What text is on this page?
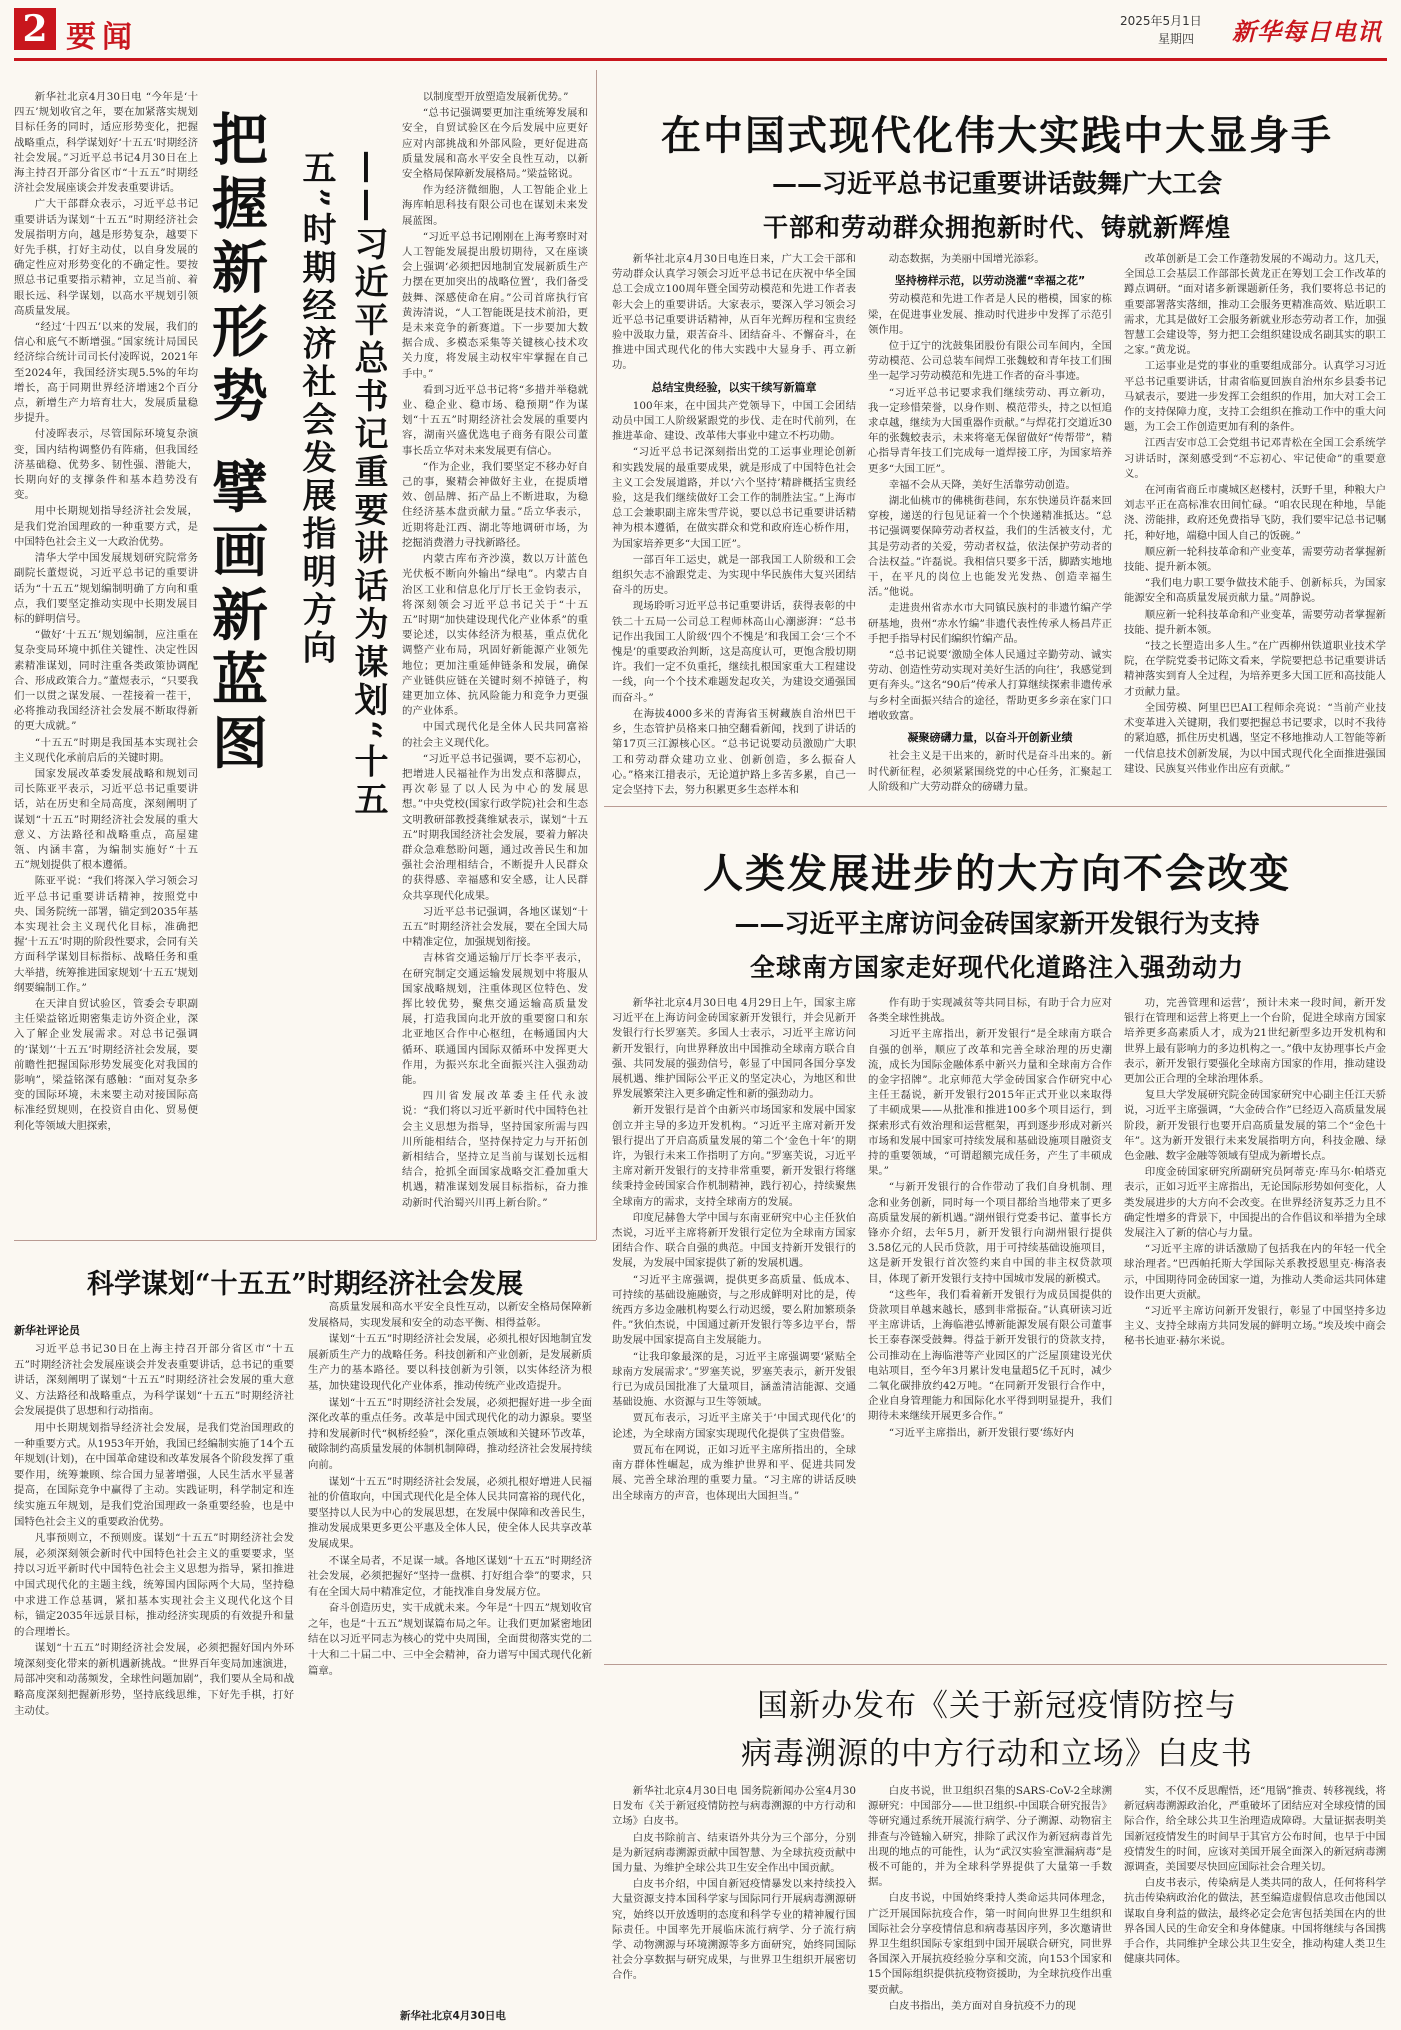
2 要闻	2025年5月1日
星期四 新华每日电讯

新华社北京4月30日电 “今年是‘十四五’规划收官之年，要在加紧落实规划目标任务的同时，适应形势变化，把握战略重点，科学谋划好‘十五五’时期经济社会发展。”习近平总书记4月30日在上海主持召开部分省区市“十五五”时期经济社会发展座谈会并发表重要讲话。

广大干部群众表示，习近平总书记重要讲话为谋划“十五五”时期经济社会发展指明方向，越是形势复杂，越要下好先手棋，打好主动仗，以自身发展的确定性应对形势变化的不确定性。要按照总书记重要指示精神，立足当前、着眼长远、科学谋划，以高水平规划引领高质量发展。

“经过‘十四五’以来的发展，我们的信心和底气不断增强。”国家统计局国民经济综合统计司司长付凌晖说，2021年至2024年，我国经济实现5.5%的年均增长，高于同期世界经济增速2个百分点，新增生产力培育壮大，发展质量稳步提升。

付凌晖表示，尽管国际环境复杂演变，国内结构调整仍有阵痛，但我国经济基础稳、优势多、韧性强、潜能大，长期向好的支撑条件和基本趋势没有变。

用中长期规划指导经济社会发展，是我们党治国理政的一种重要方式，是中国特色社会主义一大政治优势。

清华大学中国发展规划研究院常务副院长董煜说，习近平总书记的重要讲话为“十五五”规划编制明确了方向和重点，我们要坚定推动实现中长期发展目标的鲜明信号。

“做好‘十五五’规划编制，应注重在复杂变局环境中抓住关键性、决定性因素精准谋划，同时注重各类政策协调配合、形成政策合力。”董煜表示，“只要我们一以贯之谋发展、一茬接着一茬干，必将推动我国经济社会发展不断取得新的更大成就。”

“十五五”时期是我国基本实现社会主义现代化承前启后的关键时期。

国家发展改革委发展战略和规划司司长陈亚平表示，习近平总书记重要讲话，站在历史和全局高度，深刻阐明了谋划“十五五”时期经济社会发展的重大意义、方法路径和战略重点，高屋建瓴、内涵丰富，为编制实施好“十五五”规划提供了根本遵循。

陈亚平说：“我们将深入学习领会习近平总书记重要讲话精神，按照党中央、国务院统一部署，锚定到2035年基本实现社会主义现代化目标，准确把握‘十五五’时期的阶段性要求，会同有关方面科学谋划目标指标、战略任务和重大举措，统筹推进国家规划‘十五五’规划纲要编制工作。”

在天津自贸试验区，管委会专职副主任梁益铭近期密集走访外资企业，深入了解企业发展需求。对总书记强调的‘谋划’‘十五五’时期经济社会发展，要前瞻性把握国际形势发展变化对我国的影响”，梁益铭深有感触：“面对复杂多变的国际环境，未来要主动对接国际高标准经贸规则，在投资自由化、贸易便利化等领域大胆探索，

把握新形势 擘画新蓝图	——习近平总书记重要讲话为谋划“十五五”时期经济社会发展指明方向

以制度型开放塑造发展新优势。”

“总书记强调要更加注重统筹发展和安全，自贸试验区在今后发展中应更好应对内部挑战和外部风险，更好促进高质量发展和高水平安全良性互动，以新安全格局保障新发展格局。”梁益铭说。

作为经济微细胞，人工智能企业上海库帕思科技有限公司也在谋划未来发展蓝图。

“习近平总书记刚刚在上海考察时对人工智能发展提出殷切期待，又在座谈会上强调‘必须把因地制宜发展新质生产力摆在更加突出的战略位置’，我们备受鼓舞、深感使命在肩。”公司首席执行官黄涛清说，“人工智能既是技术前沿，更是未来竞争的新赛道。下一步要加大数据合成、多模态采集等关键核心技术攻关力度，将发展主动权牢牢掌握在自己手中。”

看到习近平总书记将“多措并举稳就业、稳企业、稳市场、稳预期”作为谋划“十五五”时期经济社会发展的重要内容，湖南兴盛优选电子商务有限公司董事长岳立华对未来发展更有信心。

“作为企业，我们要坚定不移办好自己的事，聚精会神做好主业，在提质增效、创品牌、拓产品上不断进取，为稳住经济基本盘贡献力量。”岳立华表示，近期将赴江西、湖北等地调研市场，为挖掘消费潜力寻找新路径。

内蒙古库布齐沙漠，数以万计蓝色光伏板不断向外输出“绿电”。内蒙古自治区工业和信息化厅厅长王金钧表示，将深刻领会习近平总书记关于“十五五”时期“加快建设现代化产业体系”的重要论述，以实体经济为根基，重点优化调整产业布局，巩固好新能源产业领先地位；更加注重延伸链条和发展，确保产业链供应链在关键时刻不掉链子，构建更加立体、抗风险能力和竞争力更强的产业体系。

中国式现代化是全体人民共同富裕的社会主义现代化。

“习近平总书记强调，要不忘初心，把增进人民福祉作为出发点和落脚点，再次彰显了以人民为中心的发展思想。”中央党校(国家行政学院)社会和生态文明教研部教授龚维斌表示，谋划“十五五”时期我国经济社会发展，要着力解决群众急难愁盼问题，通过改善民生和加强社会治理相结合，不断提升人民群众的获得感、幸福感和安全感，让人民群众共享现代化成果。

习近平总书记强调，各地区谋划“十五五”时期经济社会发展，要在全国大局中精准定位，加强规划衔接。

吉林省交通运输厅厅长李平表示，在研究制定交通运输发展规划中将服从国家战略规划，注重体现区位特色、发挥比较优势，聚焦交通运输高质量发展，打造我国向北开放的重要窗口和东北亚地区合作中心枢纽，在畅通国内大循环、联通国内国际双循环中发挥更大作用，为振兴东北全面振兴注入强劲动能。

四川省发展改革委主任代永波说：“我们将以习近平新时代中国特色社会主义思想为指导，坚持国家所需与四川所能相结合，坚持保持定力与开拓创新相结合，坚持立足当前与谋划长远相结合，抢抓全面国家战略交汇叠加重大机遇，精准谋划发展目标指标，奋力推动新时代治蜀兴川再上新台阶。”

在中国式现代化伟大实践中大显身手
——习近平总书记重要讲话鼓舞广大工会
干部和劳动群众拥抱新时代、铸就新辉煌

新华社北京4月30日电连日来，广大工会干部和劳动群众认真学习领会习近平总书记在庆祝中华全国总工会成立100周年暨全国劳动模范和先进工作者表彰大会上的重要讲话。大家表示，要深入学习领会习近平总书记重要讲话精神，从百年光辉历程和宝贵经验中汲取力量，艰苦奋斗、团结奋斗、不懈奋斗，在推进中国式现代化的伟大实践中大显身手、再立新功。

总结宝贵经验，以实干续写新篇章

100年来，在中国共产党领导下，中国工会团结动员中国工人阶级紧跟党的步伐、走在时代前列，在推进革命、建设、改革伟大事业中建立不朽功勋。

“习近平总书记深刻指出党的工运事业理论创新和实践发展的最重要成果，就是形成了中国特色社会主义工会发展道路，并以‘六个坚持’精辟概括宝贵经验，这是我们继续做好工会工作的制胜法宝。”上海市总工会兼职副主席朱雪芹说，要以总书记重要讲话精神为根本遵循，在做实群众和党和政府连心桥作用，为国家培养更多“大国工匠”。

一部百年工运史，就是一部我国工人阶级和工会组织矢志不渝跟党走、为实现中华民族伟大复兴团结奋斗的历史。

现场聆听习近平总书记重要讲话，获得表彰的中铁二十五局一公司总工程师林高山心潮澎湃：“总书记作出我国工人阶级‘四个不愧是’和我国工会‘三个不愧是’的重要政治判断，这是高度认可，更饱含殷切期许。我们一定不负重托，继续扎根国家重大工程建设一线，向一个个技术难题发起攻关，为建设交通强国而奋斗。”

在海拔4000多米的青海省玉树藏族自治州巴干乡，生态管护员格来口抽空翻看新闻，找到了讲话的第17页三江源核心区。“总书记说要动员激励广大职工和劳动群众建功立业、创新创造，多么振奋人心。”格来江措表示，无论道护路上多苦多累，自己一定会坚持下去，努力积累更多生态样本和

动态数据，为美丽中国增光添彩。

坚持榜样示范，以劳动浇灌“幸福之花”

劳动模范和先进工作者是人民的楷模，国家的栋梁，在促进事业发展、推动时代进步中发挥了示范引领作用。

位于辽宁的沈鼓集团股份有限公司车间内，全国劳动模范、公司总装车间焊工张魏蛟和青年技工们围坐一起学习劳动模范和先进工作者的奋斗事迹。

“习近平总书记要求我们继续劳动、再立新功，我一定珍惜荣誉，以身作则、模范带头，持之以恒追求卓越，继续为大国重器作贡献。”与焊花打交道近30年的张魏蛟表示，未来将毫无保留做好“传帮带”，精心指导青年技工们完成每一道焊接工序，为国家培养更多“大国工匠”。

幸福不会从天降，美好生活靠劳动创造。

湖北仙桃市的佛桃街巷间，东东快递员许磊来回穿梭，递送的行包见证着一个个快递精准抵达。“总书记强调要保障劳动者权益，我们的生活被支付，尤其是劳动者的关爱，劳动者权益，依法保护劳动者的合法权益。”许磊说。我相信只要多干活，脚踏实地地干，在平凡的岗位上也能发光发热、创造幸福生活。”他说。

走进贵州省赤水市大同镇民族村的非遗竹编产学研基地，贵州“赤水竹编”非遗代表性传承人杨昌芹正手把手指导村民们编织竹编产品。

“总书记说要‘激励全体人民通过辛勤劳动、诚实劳动、创造性劳动实现对美好生活的向往’，我感觉到更有奔头。”这名“90后”传承人打算继续探索非遗传承与乡村全面振兴结合的途径，帮助更多乡亲在家门口增收致富。

凝聚磅礴力量，以奋斗开创新业绩

社会主义是干出来的，新时代是奋斗出来的。新时代新征程，必须紧紧围绕党的中心任务，汇聚起工人阶级和广大劳动群众的磅礴力量。

改革创新是工会工作蓬勃发展的不竭动力。这几天，全国总工会基层工作部部长黄龙正在筹划工会工作改革的蹲点调研。“面对诸多新课题新任务，我们要将总书记的重要部署落实落细，推动工会服务更精准高效、贴近职工需求，尤其是做好工会服务新就业形态劳动者工作，加强智慧工会建设等，努力把工会组织建设成名副其实的职工之家。”黄龙说。

工运事业是党的事业的重要组成部分。认真学习习近平总书记重要讲话，甘肃省临夏回族自治州东乡县委书记马斌表示，要进一步发挥工会组织的作用，加大对工会工作的支持保障力度，支持工会组织在推动工作中的重大问题，为工会工作创造更加有利的条件。

江西吉安市总工会党组书记邓青松在全国工会系统学习讲话时，深刻感受到“不忘初心、牢记使命”的重要意义。

在河南省商丘市虞城区赵楼村，沃野千里，种粮大户刘志平正在高标准农田间忙碌。“咱农民现在种地，旱能浇、涝能排，政府还免费指导飞防，我们要牢记总书记嘱托，种好地，端稳中国人自己的饭碗。”

顺应新一轮科技革命和产业变革，需要劳动者掌握新技能、提升新本领。

“我们电力职工要争做技术能手、创新标兵，为国家能源安全和高质量发展贡献力量。”周静说。

顺应新一轮科技革命和产业变革，需要劳动者掌握新技能、提升新本领。

“技之长塑造出多人生。”在广西柳州铁道职业技术学院，在学院党委书记陈文看来，学院要把总书记重要讲话精神落实到育人全过程，为培养更多大国工匠和高技能人才贡献力量。

全国劳模、阿里巴巴AI工程师余亮说：“当前产业技术变革进入关键期，我们要把握总书记要求，以时不我待的紧迫感，抓住历史机遇，坚定不移地推动人工智能等新一代信息技术创新发展，为以中国式现代化全面推进强国建设、民族复兴伟业作出应有贡献。”

人类发展进步的大方向不会改变
——习近平主席访问金砖国家新开发银行为支持
全球南方国家走好现代化道路注入强劲动力

新华社北京4月30日电 4月29日上午，国家主席习近平在上海访问金砖国家新开发银行，并会见新开发银行行长罗塞芙。多国人士表示，习近平主席访问新开发银行，向世界释放出中国推动全球南方联合自强、共同发展的强劲信号，彰显了中国同各国分享发展机遇、维护国际公平正义的坚定决心，为地区和世界发展繁荣注入更多确定性和新的强劲动力。

新开发银行是首个由新兴市场国家和发展中国家创立并主导的多边开发机构。“习近平主席对新开发银行提出了开启高质量发展的第二个‘金色十年’的期许，为银行未来工作指明了方向。”罗塞芙说，习近平主席对新开发银行的支持非常重要，新开发银行将继续秉持金砖国家合作机制精神，践行初心，持续聚焦全球南方的需求，支持全球南方的发展。

印度尼赫鲁大学中国与东南亚研究中心主任狄伯杰说，习近平主席将新开发银行定位为全球南方国家团结合作、联合自强的典范。中国支持新开发银行的发展，为发展中国家提供了新的发展机遇。

“习近平主席强调，提供更多高质量、低成本、可持续的基础设施融资，与之形成鲜明对比的是，传统西方多边金融机构要么行动迟缓，要么附加繁琐条件。”狄伯杰说，中国通过新开发银行等多边平台，帮助发展中国家提高自主发展能力。

“让我印象最深的是，习近平主席强调要‘紧贴全球南方发展需求’。”罗塞芙说，罗塞芙表示，新开发银行已为成员国批准了大量项目，涵盖清洁能源、交通基础设施、水资源与卫生等领域。

贾瓦布表示，习近平主席关于‘中国式现代化’的论述，为全球南方国家实现现代化提供了宝贵借鉴。

贾瓦布在网说，正如习近平主席所指出的，全球南方群体性崛起，成为维护世界和平、促进共同发展、完善全球治理的重要力量。“习主席的讲话反映出全球南方的声音，也体现出大国担当。”

作有助于实现减贫等共同目标，有助于合力应对各类全球性挑战。

习近平主席指出，新开发银行“是全球南方联合自强的创举，顺应了改革和完善全球治理的历史潮流，成长为国际金融体系中新兴力量和全球南方合作的金字招牌”。北京师范大学金砖国家合作研究中心主任王磊说，新开发银行2015年正式开业以来取得了丰硕成果——从批准和推进100多个项目运行，到探索形式有效治理和运营框架，再到逐步形成对新兴市场和发展中国家可持续发展和基础设施项目融资支持的重要领域，“可谓超额完成任务，产生了丰硕成果。”

“与新开发银行的合作带动了我们自身机制、理念和业务创新，同时每一个项目都给当地带来了更多高质量发展的新机遇。”湖州银行党委书记、董事长方锋亦介绍，去年5月，新开发银行向湖州银行提供3.58亿元的人民币贷款，用于可持续基础设施项目，这是新开发银行首次签约来自中国的非主权贷款项目，体现了新开发银行支持中国城市发展的新模式。

“这些年，我们看着新开发银行为成员国提供的贷款项目单越来越长，感到非常振奋。”认真研读习近平主席讲话，上海临港弘博新能源发展有限公司董事长王泰春深受鼓舞。得益于新开发银行的贷款支持，公司推动在上海临港等产业园区的广泛屋顶建设光伏电站项目，至今年3月累计发电量超5亿千瓦时，减少二氧化碳排放约42万吨。“在同新开发银行合作中，企业自身管理能力和国际化水平得到明显提升，我们期待未来继续开展更多合作。”

“习近平主席指出，新开发银行要‘练好内

功，完善管理和运营’，预计未来一段时间，新开发银行在管理和运营上将更上一个台阶，促进全球南方国家培养更多高素质人才，成为21世纪新型多边开发机构和世界上最有影响力的多边机构之一。”俄中友协理事长卢金表示，新开发银行要强化全球南方国家的作用，推动建设更加公正合理的全球治理体系。

复旦大学发展研究院金砖国家研究中心副主任江天骄说，习近平主席强调，“大金砖合作”已经迈入高质量发展阶段，新开发银行也要开启高质量发展的第二个“金色十年”。这为新开发银行未来发展指明方向，科技金融、绿色金融、数字金融等领域有望成为新增长点。

印度金砖国家研究所副研究员阿蒂克·库马尔·帕塔克表示，正如习近平主席指出，无论国际形势如何变化，人类发展进步的大方向不会改变。在世界经济复苏乏力且不确定性增多的背景下，中国提出的合作倡议和举措为全球发展注入了新的信心与力量。

“习近平主席的讲话激励了包括我在内的年轻一代全球治理者。”巴西帕托斯大学国际关系教授恩里克·梅洛表示，中国期待同金砖国家一道，为推动人类命运共同体建设作出更大贡献。

“习近平主席访问新开发银行，彰显了中国坚持多边主义、支持全球南方共同发展的鲜明立场。”埃及埃中商会秘书长迪亚·赫尔米说。

国新办发布《关于新冠疫情防控与
病毒溯源的中方行动和立场》白皮书

新华社北京4月30日电 国务院新闻办公室4月30日发布《关于新冠疫情防控与病毒溯源的中方行动和立场》白皮书。

白皮书除前言、结束语外共分为三个部分，分别是为新冠病毒溯源贡献中国智慧、为全球抗疫贡献中国力量、为维护全球公共卫生安全作出中国贡献。

白皮书介绍，中国自新冠疫情暴发以来持续投入大量资源支持本国科学家与国际同行开展病毒溯源研究，始终以开放透明的态度和科学专业的精神履行国际责任。中国率先开展临床流行病学、分子流行病学、动物溯源与环境溯源等多方面研究，始终同国际社会分享数据与研究成果，与世界卫生组织开展密切合作。

白皮书说，世卫组织召集的SARS-CoV-2全球溯源研究：中国部分——世卫组织-中国联合研究报告》等研究通过系统开展流行病学、分子溯源、动物宿主排查与冷链输入研究，排除了武汉作为新冠病毒首先出现的地点的可能性，认为“武汉实验室泄漏病毒”是极不可能的，并为全球科学界提供了大量第一手数据。

白皮书说，中国始终秉持人类命运共同体理念，广泛开展国际抗疫合作，第一时间向世界卫生组织和国际社会分享疫情信息和病毒基因序列，多次邀请世界卫生组织国际专家组到中国开展联合研究，同世界各国深入开展抗疫经验分享和交流，向153个国家和15个国际组织提供抗疫物资援助，为全球抗疫作出重要贡献。

白皮书指出，美方面对自身抗疫不力的现

实，不仅不反思醒悟，还“甩锅”推责、转移视线，将新冠病毒溯源政治化，严重破坏了团结应对全球疫情的国际合作，给全球公共卫生治理造成障碍。大量证据表明美国新冠疫情发生的时间早于其官方公布时间，也早于中国疫情发生的时间，应该对美国开展全面深入的新冠病毒溯源调查，美国要尽快回应国际社会合理关切。

白皮书表示，传染病是人类共同的敌人，任何将科学抗击传染病政治化的做法，甚至编造虚假信息攻击他国以谋取自身利益的做法，最终必定会危害包括美国在内的世界各国人民的生命安全和身体健康。中国将继续与各国携手合作，共同维护全球公共卫生安全，推动构建人类卫生健康共同体。

科学谋划“十五五”时期经济社会发展
新华社评论员

习近平总书记30日在上海主持召开部分省区市“十五五”时期经济社会发展座谈会并发表重要讲话，总书记的重要讲话，深刻阐明了谋划“十五五”时期经济社会发展的重大意义、方法路径和战略重点，为科学谋划“十五五”时期经济社会发展提供了思想和行动指南。

用中长期规划指导经济社会发展，是我们党治国理政的一种重要方式。从1953年开始，我国已经编制实施了14个五年规划(计划)，在中国革命建设和改革发展各个阶段发挥了重要作用，统筹兼顾、综合国力显著增强，人民生活水平显著提高，在国际竞争中赢得了主动。实践证明，科学制定和连续实施五年规划，是我们党治国理政一条重要经验，也是中国特色社会主义的重要政治优势。

凡事预则立，不预则废。谋划“十五五”时期经济社会发展，必须深刻领会新时代中国特色社会主义的重要要求，坚持以习近平新时代中国特色社会主义思想为指导，紧扣推进中国式现代化的主题主线，统筹国内国际两个大局，坚持稳中求进工作总基调，紧扣基本实现社会主义现代化这个目标，锚定2035年远景目标，推动经济实现质的有效提升和量的合理增长。

谋划“十五五”时期经济社会发展，必须把握好国内外环境深刻变化带来的新机遇新挑战。“世界百年变局加速演进，局部冲突和动荡频发，全球性问题加剧”，我们要从全局和战略高度深刻把握新形势，坚持底线思维，下好先手棋，打好主动仗。

高质量发展和高水平安全良性互动，以新安全格局保障新发展格局，实现发展和安全的动态平衡、相得益彰。

谋划“十五五”时期经济社会发展，必须扎根好因地制宜发展新质生产力的战略任务。科技创新和产业创新，是发展新质生产力的基本路径。要以科技创新为引领，以实体经济为根基，加快建设现代化产业体系，推动传统产业改造提升。

谋划“十五五”时期经济社会发展，必须把握好进一步全面深化改革的重点任务。改革是中国式现代化的动力源泉。要坚持和发展新时代“枫桥经验”，深化重点领域和关键环节改革，破除制约高质量发展的体制机制障碍，推动经济社会发展持续向前。

谋划“十五五”时期经济社会发展，必须扎根好增进人民福祉的价值取向，中国式现代化是全体人民共同富裕的现代化，要坚持以人民为中心的发展思想，在发展中保障和改善民生，推动发展成果更多更公平惠及全体人民，使全体人民共享改革发展成果。

不谋全局者，不足谋一域。各地区谋划“十五五”时期经济社会发展，必须把握好“坚持一盘棋、打好组合拳”的要求，只有在全国大局中精准定位，才能找准自身发展方位。

奋斗创造历史，实干成就未来。今年是“十四五”规划收官之年，也是“十五五”规划谋篇布局之年。让我们更加紧密地团结在以习近平同志为核心的党中央周围，全面贯彻落实党的二十大和二十届二中、三中全会精神，奋力谱写中国式现代化新篇章。

新华社北京4月30日电
